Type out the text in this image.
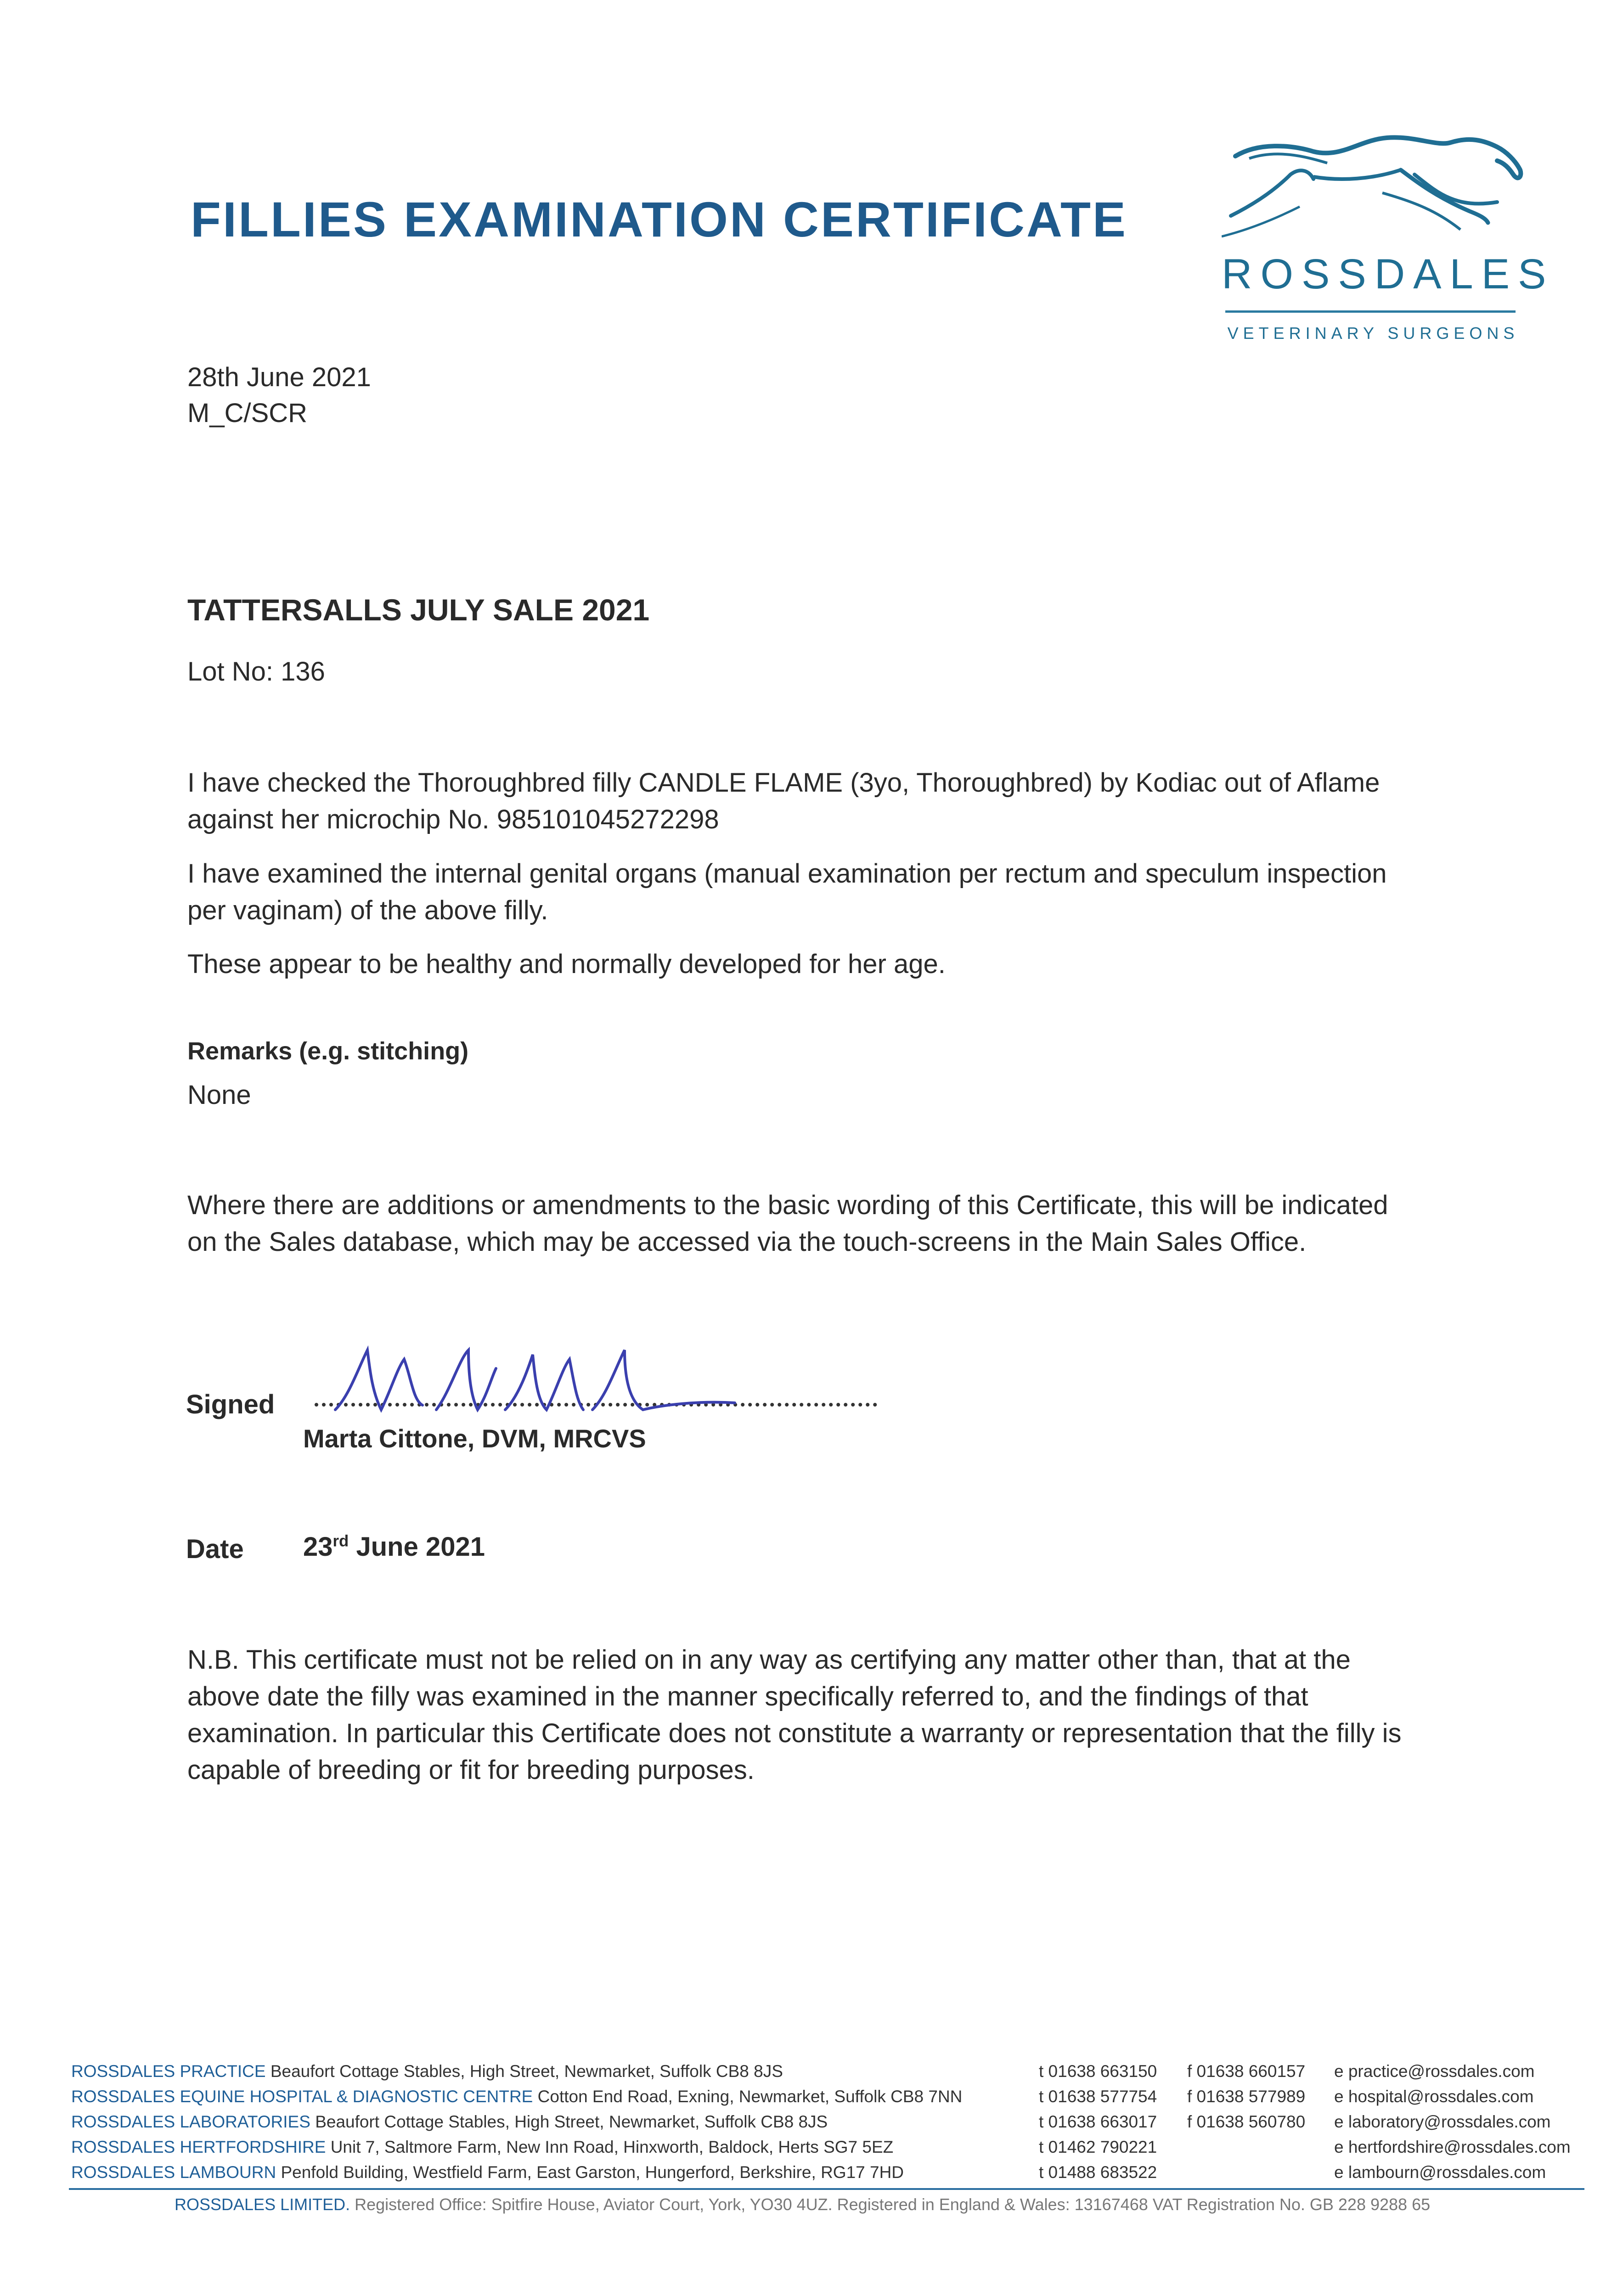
FILLIES EXAMINATION CERTIFICATE
ROSSDALES
VETERINARY SURGEONS
28th June 2021
M_C/SCR
TATTERSALLS JULY SALE 2021
Lot No: 136
I have checked the Thoroughbred filly CANDLE FLAME (3yo, Thoroughbred) by Kodiac out of Aflame
against her microchip No. 985101045272298
I have examined the internal genital organs (manual examination per rectum and speculum inspection
per vaginam) of the above filly.
These appear to be healthy and normally developed for her age.
Remarks (e.g. stitching)
None
Where there are additions or amendments to the basic wording of this Certificate, this will be indicated
on the Sales database, which may be accessed via the touch-screens in the Main Sales Office.
Signed
Marta Cittone, DVM, MRCVS
Date 23rd June 2021
N.B. This certificate must not be relied on in any way as certifying any matter other than, that at the
above date the filly was examined in the manner specifically referred to, and the findings of that
examination. In particular this Certificate does not constitute a warranty or representation that the filly is
capable of breeding or fit for breeding purposes.
ROSSDALES PRACTICE Beaufort Cottage Stables, High Street, Newmarket, Suffolk CB8 8JS	t 01638 663150 f 01638 660157 e practice@rossdales.com
ROSSDALES EQUINE HOSPITAL & DIAGNOSTIC CENTRE Cotton End Road, Exning, Newmarket, Suffolk CB8 7NN	t 01638 577754 f 01638 577989 e hospital@rossdales.com
ROSSDALES LABORATORIES Beaufort Cottage Stables, High Street, Newmarket, Suffolk CB8 8JS	t 01638 663017 f 01638 560780 e laboratory@rossdales.com
ROSSDALES HERTFORDSHIRE Unit 7, Saltmore Farm, New Inn Road, Hinxworth, Baldock, Herts SG7 5EZ	t 01462 790221	e hertfordshire@rossdales.com
ROSSDALES LAMBOURN Penfold Building, Westfield Farm, East Garston, Hungerford, Berkshire, RG17 7HD	t 01488 683522	e lambourn@rossdales.com
ROSSDALES LIMITED. Registered Office: Spitfire House, Aviator Court, York, YO30 4UZ. Registered in England & Wales: 13167468 VAT Registration No. GB 228 9288 65
